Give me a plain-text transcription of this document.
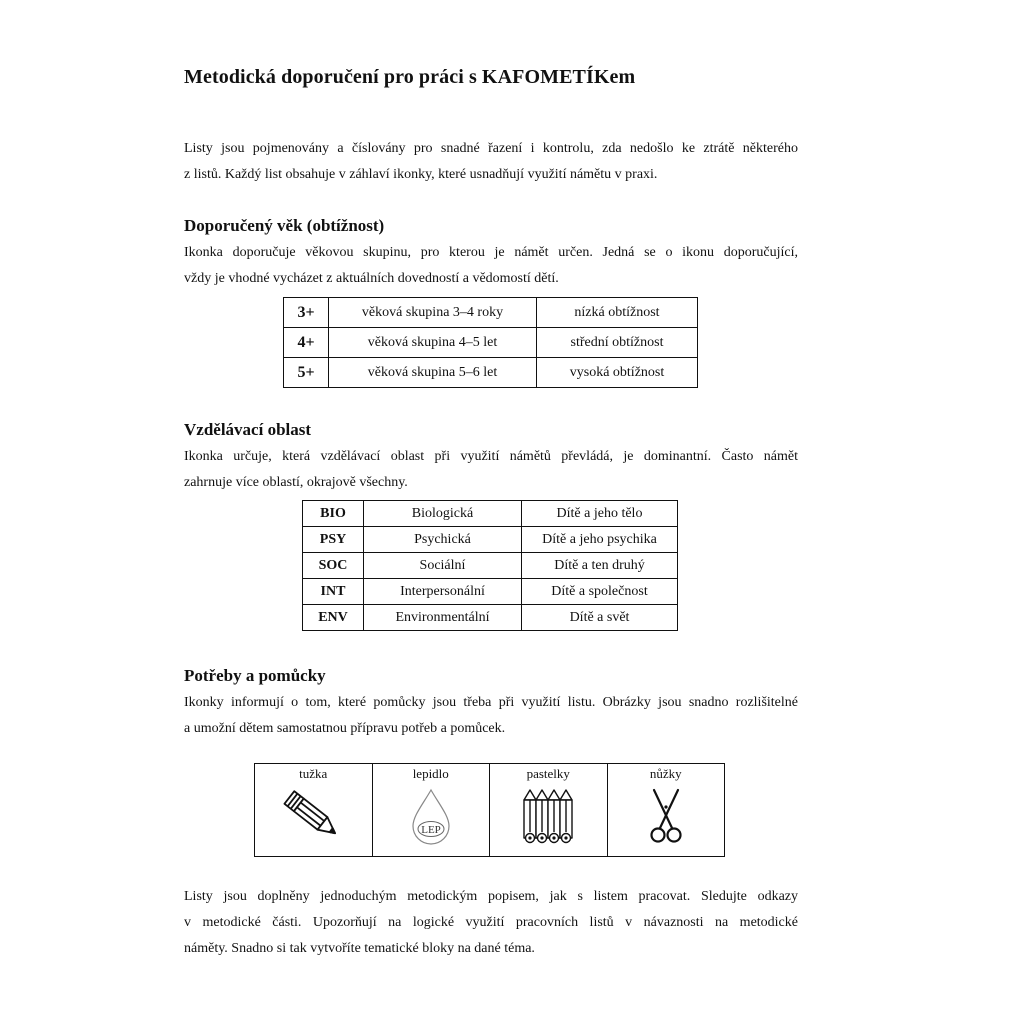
Metodická doporučení pro práci s KAFOMETÍKem

Listy jsou pojmenovány a číslovány pro snadné řazení i kontrolu, zda nedošlo ke ztrátě některého
z listů. Každý list obsahuje v záhlaví ikonky, které usnadňují využití námětu v praxi.

Doporučený věk (obtížnost)

Ikonka doporučuje věkovou skupinu, pro kterou je námět určen. Jedná se o ikonu doporučující,
vždy je vhodné vycházet z aktuálních dovedností a vědomostí dětí.

3+	věková skupina 3–4 roky	nízká obtížnost
4+	věková skupina 4–5 let	střední obtížnost
5+	věková skupina 5–6 let	vysoká obtížnost
Vzdělávací oblast

Ikonka určuje, která vzdělávací oblast při využití námětů převládá, je dominantní. Často námět
zahrnuje více oblastí, okrajově všechny.

BIO	Biologická	Dítě a jeho tělo
PSY	Psychická	Dítě a jeho psychika
SOC	Sociální	Dítě a ten druhý
INT	Interpersonální	Dítě a společnost
ENV	Environmentální	Dítě a svět
Potřeby a pomůcky

Ikonky informují o tom, které pomůcky jsou třeba při využití listu. Obrázky jsou snadno rozlišitelné
a umožní dětem samostatnou přípravu potřeb a pomůcek.

tužka	lepidlo
LEP

pastelky	nůžky

Listy jsou doplněny jednoduchým metodickým popisem, jak s listem pracovat. Sledujte odkazy
v metodické části. Upozorňují na logické využití pracovních listů v návaznosti na metodické
náměty. Snadno si tak vytvoříte tematické bloky na dané téma.
